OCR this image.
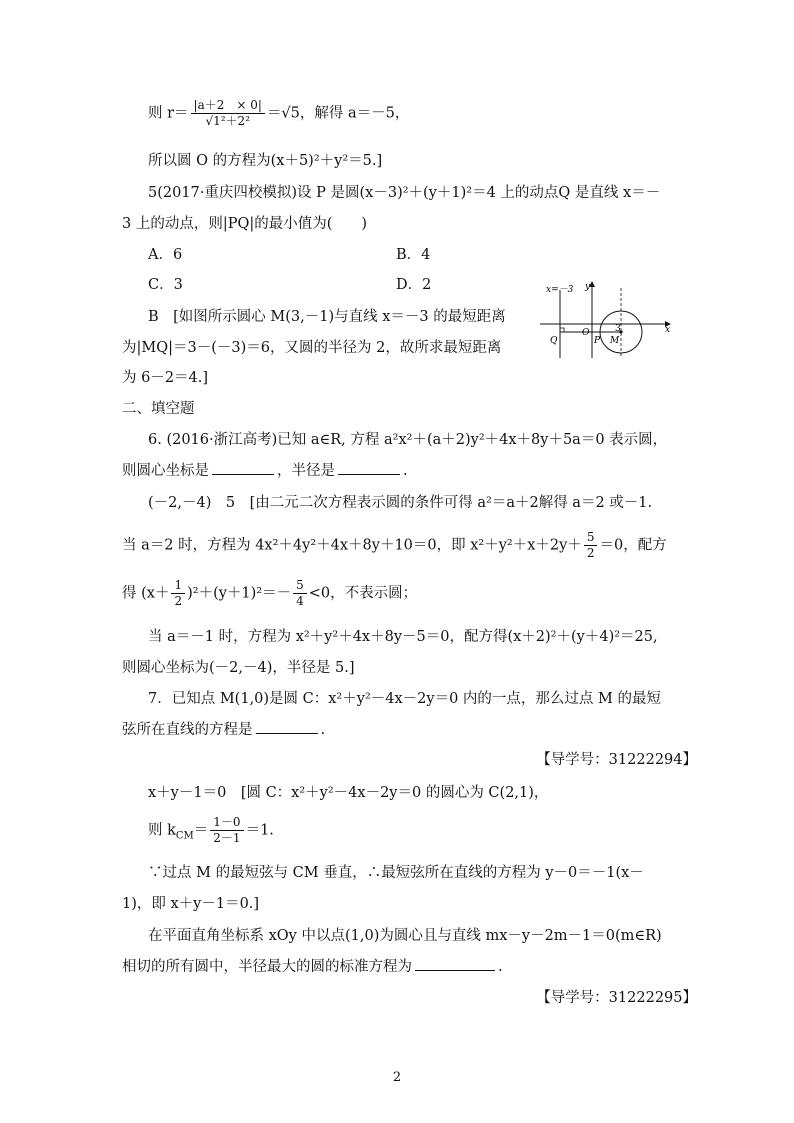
则 $r= \frac{|a+2 \times 0|}{\text{√1²＋2²}} =√5$，解得 a＝－5，
所以圆 O 的方程为(x＋5)²＋y²＝5.]
5(2017·重庆四校模拟)设 P 是圆(x－3)²＋(y＋1)²＝4 上的动点Q 是直线 x＝－
3 上的动点，则|PQ|的最小值为(　　)
A．6	B．4
C．3	D．2
B　[如图所示圆心 M(3,－1)与直线 x＝－3 的最短距离
为|MQ|＝3－(－3)＝6，又圆的半径为 2，故所求最短距离
为 6－2＝4.]
x=－3 y
x
O
Q	P M
3
二、填空题
6. (2016·浙江高考)已知 a∈R, 方程 a²x²＋(a＋2)y²＋4x＋8y＋5a＝0 表示圆，
则圆心坐标是	，半径是	.
(－2,－4)　5　[由二元二次方程表示圆的条件可得 a²＝a＋2解得 a＝2 或－1.
当 a＝2 时，方程为 4x²＋4y²＋4x＋8y＋10＝0，即 $x^2+y^2+x+2y+ \frac{5}{2} =0$，配方
得 $(x+ \frac{1}{2} )^2+(y+1)^2=- \frac{5}{4} <0$，不表示圆；
当 a＝－1 时，方程为 x²＋y²＋4x＋8y－5＝0，配方得(x＋2)²＋(y＋4)²＝25,
则圆心坐标为(－2,－4)，半径是 5.]
7．已知点 M(1,0)是圆 C：x²＋y²－4x－2y＝0 内的一点，那么过点 M 的最短
弦所在直线的方程是	.
【导学号：31222294】
x＋y－1＝0　[圆 C：x²＋y²－4x－2y＝0 的圆心为 C(2,1)，
则 $k_{CM}= \frac{1-0}{2-1} =1$.
∵过点 M 的最短弦与 CM 垂直，∴最短弦所在直线的方程为 y－0＝－1(x－
1)，即 x＋y－1＝0.]
在平面直角坐标系 xOy 中以点(1,0)为圆心且与直线 mx－y－2m－1＝0(m∈R)
相切的所有圆中，半径最大的圆的标准方程为	.
【导学号：31222295】
2
